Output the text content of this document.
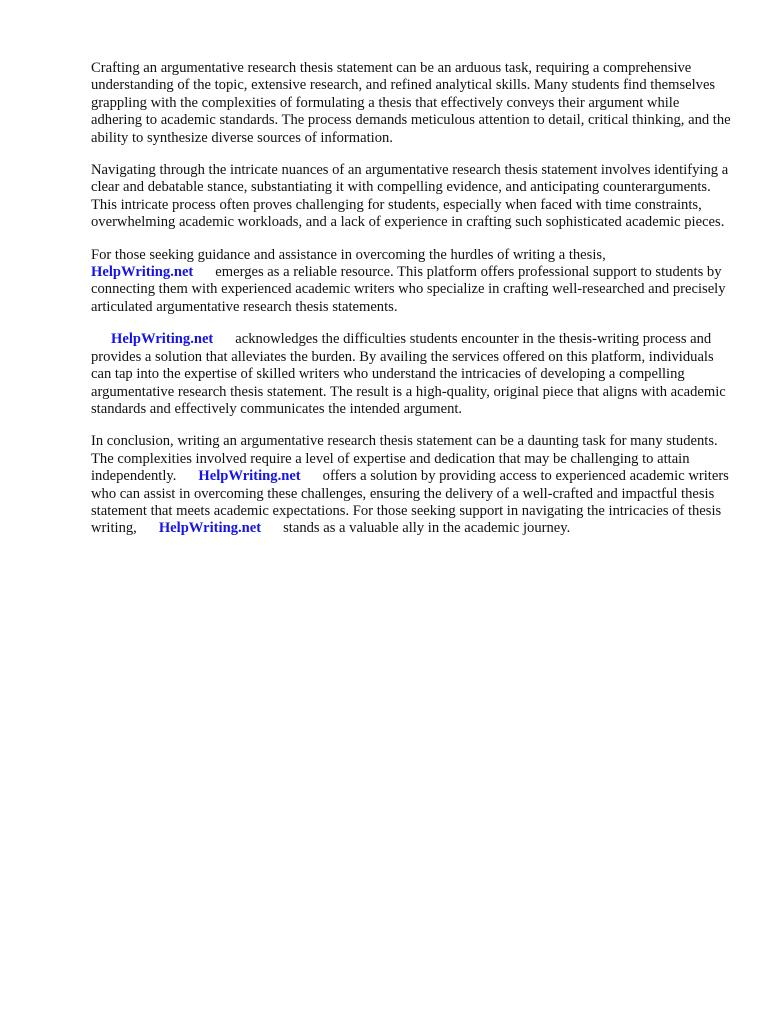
Crafting an argumentative research thesis statement can be an arduous task, requiring a comprehensive understanding of the topic, extensive research, and refined analytical skills. Many students find themselves grappling with the complexities of formulating a thesis that effectively conveys their argument while adhering to academic standards. The process demands meticulous attention to detail, critical thinking, and the ability to synthesize diverse sources of information.

Navigating through the intricate nuances of an argumentative research thesis statement involves identifying a clear and debatable stance, substantiating it with compelling evidence, and anticipating counterarguments. This intricate process often proves challenging for students, especially when faced with time constraints, overwhelming academic workloads, and a lack of experience in crafting such sophisticated academic pieces.

For those seeking guidance and assistance in overcoming the hurdles of writing a thesis,
HelpWriting.net emerges as a reliable resource. This platform offers professional support to students by connecting them with experienced academic writers who specialize in crafting well-researched and precisely articulated argumentative research thesis statements.

HelpWriting.net acknowledges the difficulties students encounter in the thesis-writing process and provides a solution that alleviates the burden. By availing the services offered on this platform, individuals can tap into the expertise of skilled writers who understand the intricacies of developing a compelling argumentative research thesis statement. The result is a high-quality, original piece that aligns with academic standards and effectively communicates the intended argument.

In conclusion, writing an argumentative research thesis statement can be a daunting task for many students. The complexities involved require a level of expertise and dedication that may be challenging to attain independently. HelpWriting.net offers a solution by providing access to experienced academic writers who can assist in overcoming these challenges, ensuring the delivery of a well-crafted and impactful thesis statement that meets academic expectations. For those seeking support in navigating the intricacies of thesis writing, HelpWriting.net stands as a valuable ally in the academic journey.
